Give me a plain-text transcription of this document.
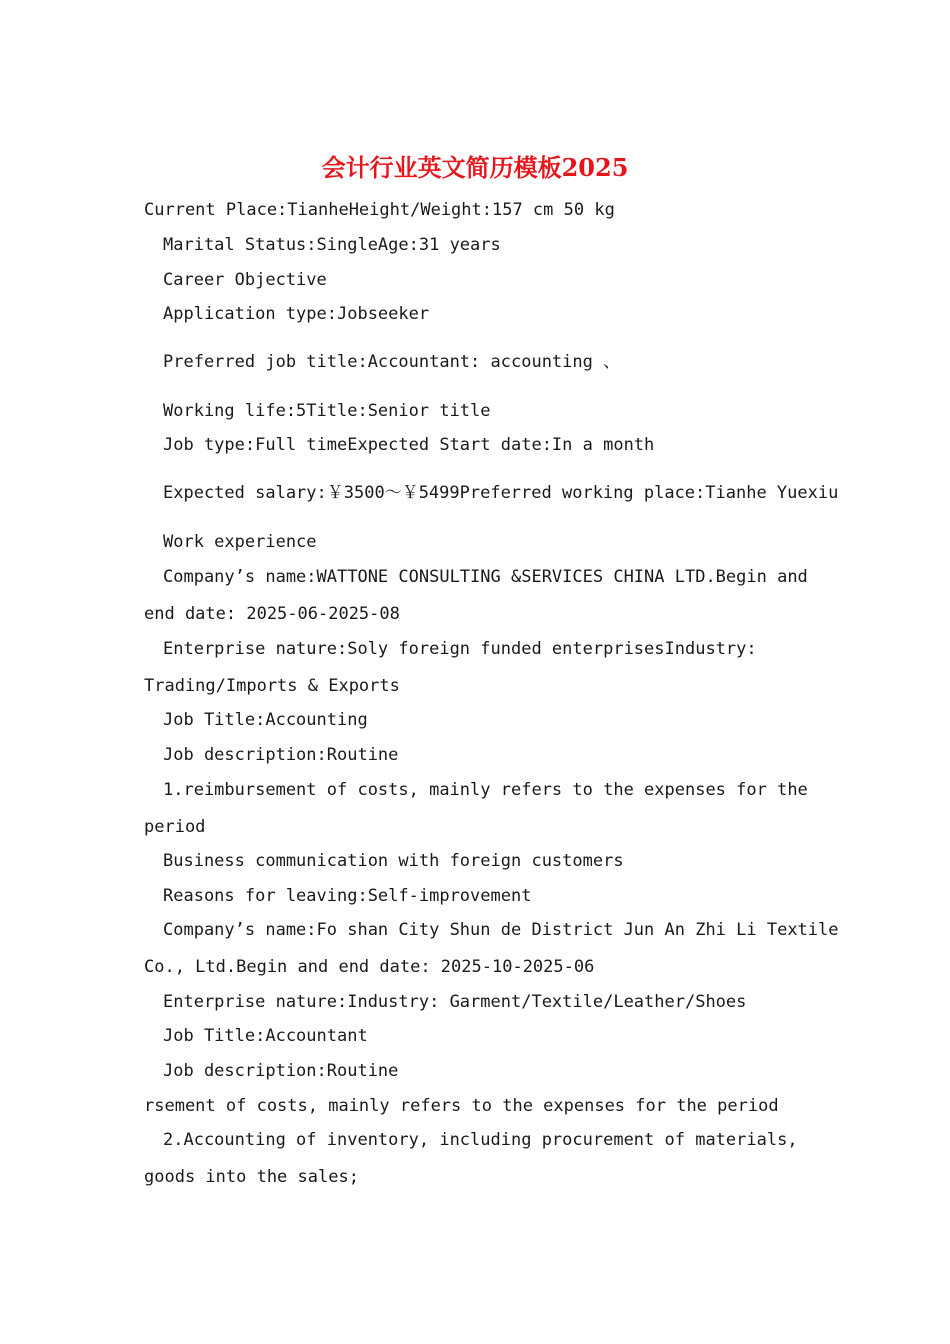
会计行业英文简历模板2025
Current Place:TianheHeight/Weight:157 cm 50 kg
Marital Status:SingleAge:31 years
Career Objective
Application type:Jobseeker
Preferred job title:Accountant: accounting 、
Working life:5Title:Senior title
Job type:Full timeExpected Start date:In a month
Expected salary:￥3500～￥5499Preferred working place:Tianhe Yuexiu
Work experience
Company’s name:WATTONE CONSULTING &SERVICES CHINA LTD.Begin and
end date: 2025-06-2025-08
Enterprise nature:Soly foreign funded enterprisesIndustry:
Trading/Imports & Exports
Job Title:Accounting
Job description:Routine
1.reimbursement of costs, mainly refers to the expenses for the
period
Business communication with foreign customers
Reasons for leaving:Self-improvement
Company’s name:Fo shan City Shun de District Jun An Zhi Li Textile
Co., Ltd.Begin and end date: 2025-10-2025-06
Enterprise nature:Industry: Garment/Textile/Leather/Shoes
Job Title:Accountant
Job description:Routine
rsement of costs, mainly refers to the expenses for the period
2.Accounting of inventory, including procurement of materials,
goods into the sales;
